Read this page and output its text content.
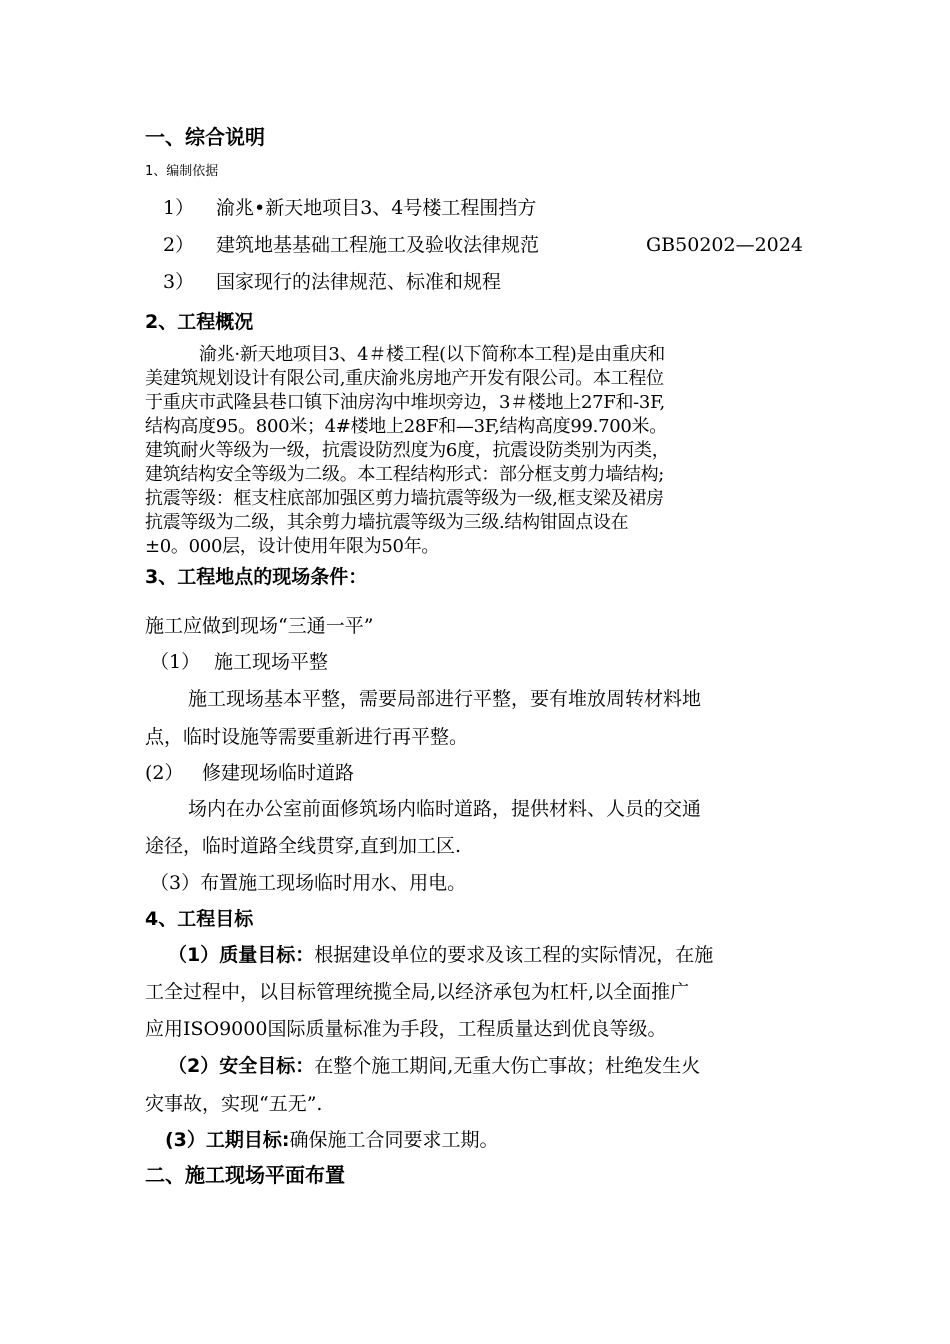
一、综合说明
1、编制依据
1） 渝兆•新天地项目3、4号楼工程围挡方
2） 建筑地基基础工程施工及验收法律规范	GB50202—2024
3） 国家现行的法律规范、标准和规程
2、工程概况
渝兆·新天地项目3、4＃楼工程(以下简称本工程)是由重庆和
美建筑规划设计有限公司,重庆渝兆房地产开发有限公司。本工程位
于重庆市武隆县巷口镇下油房沟中堆坝旁边，3＃楼地上27F和-3F,
结构高度95。800米；4#楼地上28F和—3F,结构高度99.700米。
建筑耐火等级为一级，抗震设防烈度为6度，抗震设防类别为丙类，
建筑结构安全等级为二级。本工程结构形式：部分框支剪力墙结构;
抗震等级：框支柱底部加强区剪力墙抗震等级为一级,框支梁及裙房
抗震等级为二级，其余剪力墙抗震等级为三级.结构钳固点设在
±0。000层，设计使用年限为50年。
3、工程地点的现场条件：
施工应做到现场“三通一平”
（1） 施工现场平整
施工现场基本平整，需要局部进行平整，要有堆放周转材料地
点，临时设施等需要重新进行再平整。
(2） 修建现场临时道路
场内在办公室前面修筑场内临时道路，提供材料、人员的交通
途径，临时道路全线贯穿,直到加工区.
（3）布置施工现场临时用水、用电。
4、工程目标
（1）质量目标：根据建设单位的要求及该工程的实际情况，在施
工全过程中，以目标管理统揽全局,以经济承包为杠杆,以全面推广
应用ISO9000国际质量标准为手段，工程质量达到优良等级。
（2）安全目标：在整个施工期间,无重大伤亡事故；杜绝发生火
灾事故，实现“五无”.
(3）工期目标:确保施工合同要求工期。
二、施工现场平面布置
